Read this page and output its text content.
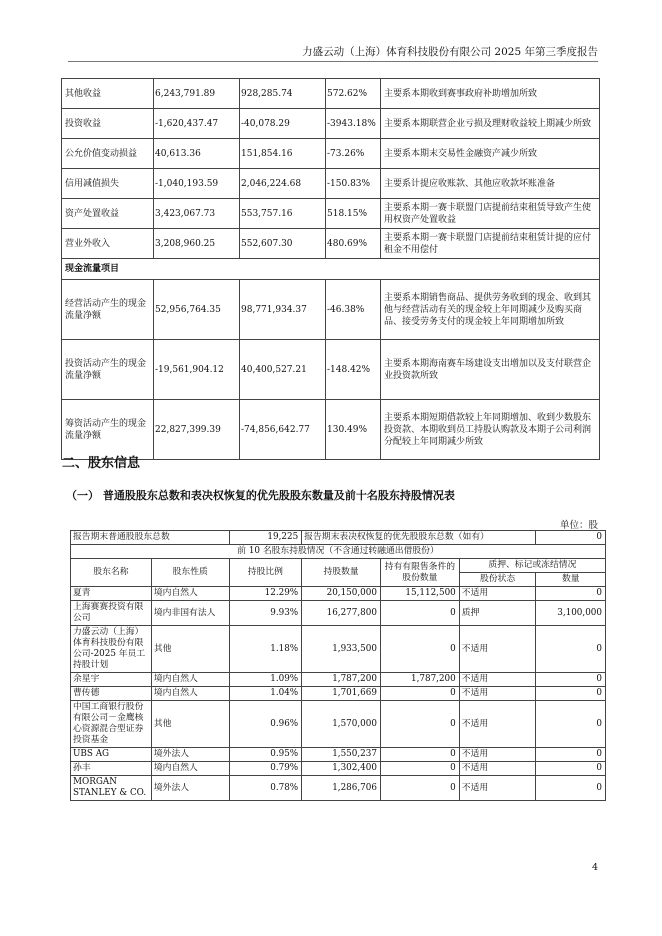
力盛云动（上海）体育科技股份有限公司 2025 年第三季度报告
其他收益	6,243,791.89	928,285.74	572.62%	主要系本期收到赛事政府补助增加所致
投资收益	-1,620,437.47	-40,078.29	-3943.18%	主要系本期联营企业亏损及理财收益较上期减少所致
公允价值变动损益	40,613.36	151,854.16	-73.26%	主要系本期末交易性金融资产减少所致
信用减值损失	-1,040,193.59	2,046,224.68	-150.83%	主要系计提应收账款、其他应收款坏账准备
资产处置收益	3,423,067.73	553,757.16	518.15%	主要系本期一赛卡联盟门店提前结束租赁导致产生使用权资产处置收益
营业外收入	3,208,960.25	552,607.30	480.69%	主要系本期一赛卡联盟门店提前结束租赁计提的应付租金不用偿付
现金流量项目				
经营活动产生的现金流量净额	52,956,764.35	98,771,934.37	-46.38%	主要系本期销售商品、提供劳务收到的现金、收到其他与经营活动有关的现金较上年同期减少及购买商品、接受劳务支付的现金较上年同期增加所致
投资活动产生的现金流量净额	-19,561,904.12	40,400,527.21	-148.42%	主要系本期海南赛车场建设支出增加以及支付联营企业投资款所致
筹资活动产生的现金流量净额	22,827,399.39	-74,856,642.77	130.49%	主要系本期短期借款较上年同期增加、收到少数股东投资款、本期收到员工持股认购款及本期子公司利润分配较上年同期减少所致
二、股东信息
（一） 普通股股东总数和表决权恢复的优先股股东数量及前十名股东持股情况表
单位：股
报告期末普通股股东总数		19,225	报告期末表决权恢复的优先股股东总数（如有）			0
前 10 名股东持股情况（不含通过转融通出借股份）						
股东名称	股东性质	持股比例	持股数量	持有有限售条件的股份数量	质押、标记或冻结情况	
					股份状态	数量
夏青	境内自然人	12.29%	20,150,000	15,112,500	不适用	0
上海赛赛投资有限公司	境内非国有法人	9.93%	16,277,800	0	质押	3,100,000
力盛云动（上海）体育科技股份有限公司-2025 年员工持股计划	其他	1.18%	1,933,500	0	不适用	0
余星宇	境内自然人	1.09%	1,787,200	1,787,200	不适用	0
曹传德	境内自然人	1.04%	1,701,669	0	不适用	0
中国工商银行股份有限公司－金鹰核心资源混合型证券投资基金	其他	0.96%	1,570,000	0	不适用	0
UBS AG	境外法人	0.95%	1,550,237	0	不适用	0
孙丰	境内自然人	0.79%	1,302,400	0	不适用	0
MORGAN STANLEY & CO.	境外法人	0.78%	1,286,706	0	不适用	0
4
